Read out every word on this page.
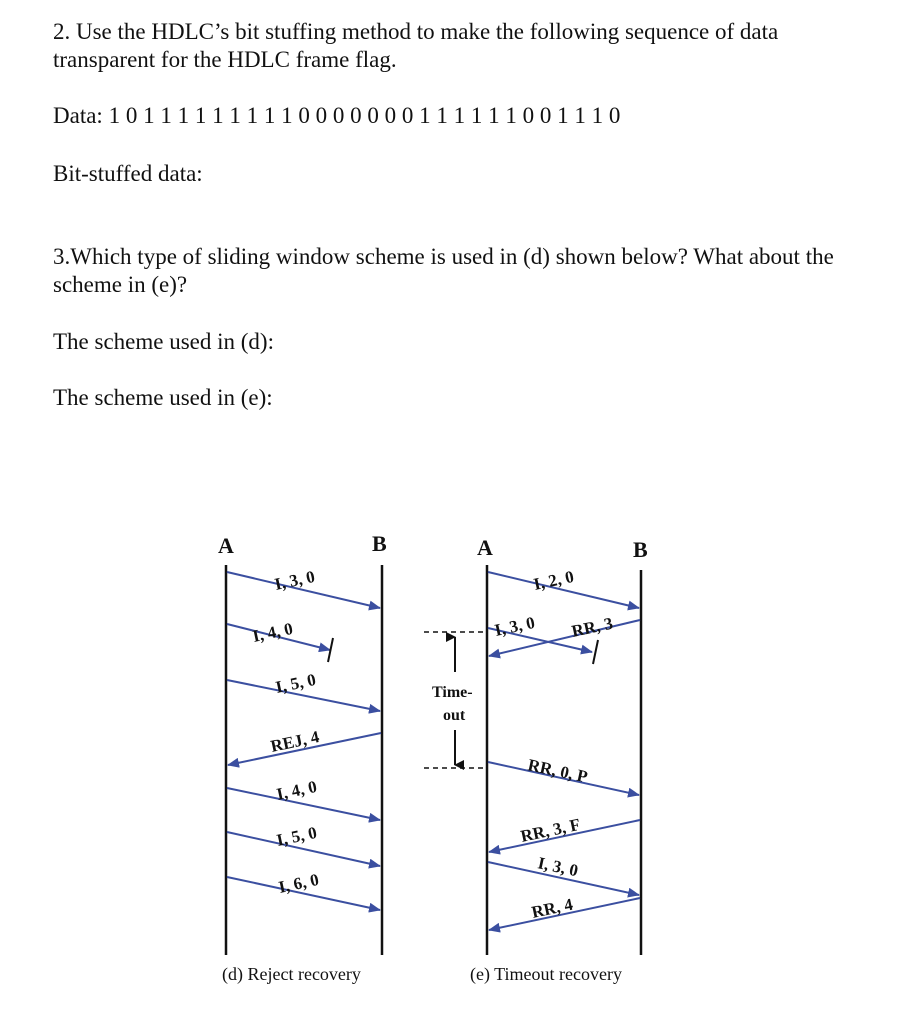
2. Use the HDLC’s bit stuffing method to make the following sequence of data
transparent for the HDLC frame flag.
Data: 1 0 1 1 1 1 1 1 1 1 1 0 0 0 0 0 0 0 1 1 1 1 1 1 0 0 1 1 1 0
Bit-stuffed data:
3.Which type of sliding window scheme is used in (d) shown below? What about the
scheme in (e)?
The scheme used in (d):
The scheme used in (e):
A	B
I, 3, 0
I, 4, 0
I, 5, 0
REJ, 4
I, 4, 0
I, 5, 0
I, 6, 0
(d) Reject recovery
A	B
I, 2, 0
I, 3, 0 RR, 3
Time-
out
RR, 0, P
RR, 3, F
I, 3, 0
RR, 4
(e) Timeout recovery
